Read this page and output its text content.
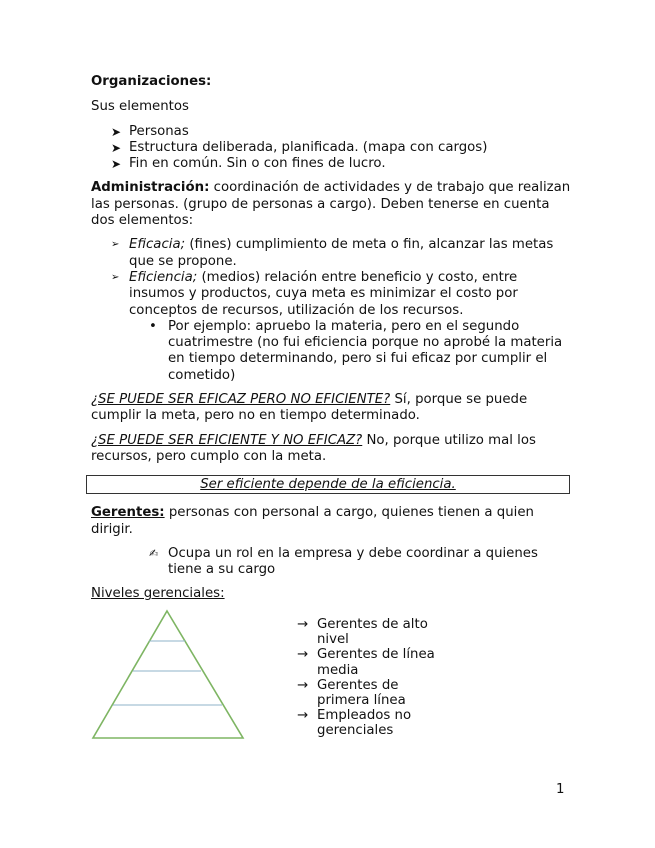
Organizaciones:

Sus elementos

➤ Personas
➤ Estructura deliberada, planificada. (mapa con cargos)
➤ Fin en común. Sin o con fines de lucro.

Administración: coordinación de actividades y de trabajo que realizan las personas. (grupo de personas a cargo). Deben tenerse en cuenta dos elementos:

➢ Eficacia; (fines) cumplimiento de meta o fin, alcanzar las metas que se propone.
➢ Eficiencia; (medios) relación entre beneficio y costo, entre insumos y productos, cuya meta es minimizar el costo por conceptos de recursos, utilización de los recursos.
• Por ejemplo: apruebo la materia, pero en el segundo cuatrimestre (no fui eficiencia porque no aprobé la materia en tiempo determinando, pero si fui eficaz por cumplir el cometido)

¿SE PUEDE SER EFICAZ PERO NO EFICIENTE? Sí, porque se puede cumplir la meta, pero no en tiempo determinado.

¿SE PUEDE SER EFICIENTE Y NO EFICAZ? No, porque utilizo mal los recursos, pero cumplo con la meta.

Ser eficiente depende de la eficiencia.

Gerentes: personas con personal a cargo, quienes tienen a quien dirigir.

✍ Ocupa un rol en la empresa y debe coordinar a quienes tiene a su cargo

Niveles gerenciales:

→ Gerentes de alto nivel
→ Gerentes de línea media
→ Gerentes de primera línea
→ Empleados no gerenciales
1
